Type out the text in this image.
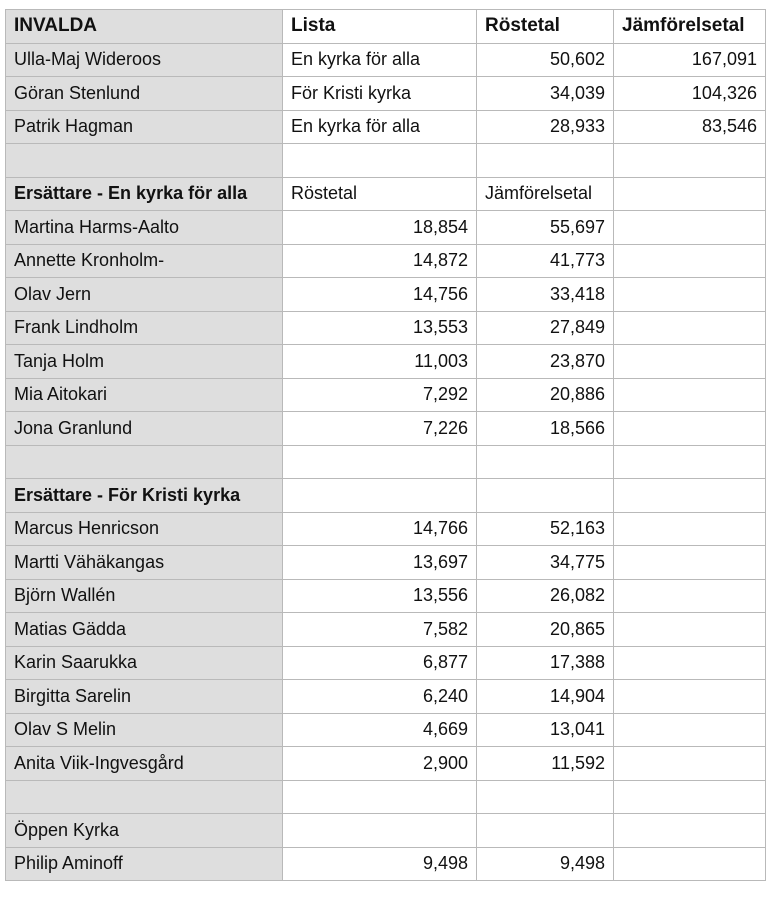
INVALDA	Lista	Röstetal	Jämförelsetal
Ulla-Maj Wideroos	En kyrka för alla	50,602	167,091
Göran Stenlund	För Kristi kyrka	34,039	104,326
Patrik Hagman	En kyrka för alla	28,933	83,546

Ersättare - En kyrka för alla	Röstetal	Jämförelsetal	
Martina Harms-Aalto	18,854	55,697	
Annette Kronholm-	14,872	41,773	
Olav Jern	14,756	33,418	
Frank Lindholm	13,553	27,849	
Tanja Holm	11,003	23,870	
Mia Aitokari	7,292	20,886	
Jona Granlund	7,226	18,566	

Ersättare - För Kristi kyrka			
Marcus Henricson	14,766	52,163	
Martti Vähäkangas	13,697	34,775	
Björn Wallén	13,556	26,082	
Matias Gädda	7,582	20,865	
Karin Saarukka	6,877	17,388	
Birgitta Sarelin	6,240	14,904	
Olav S Melin	4,669	13,041	
Anita Viik-Ingvesgård	2,900	11,592	

Öppen Kyrka			
Philip Aminoff	9,498	9,498	
